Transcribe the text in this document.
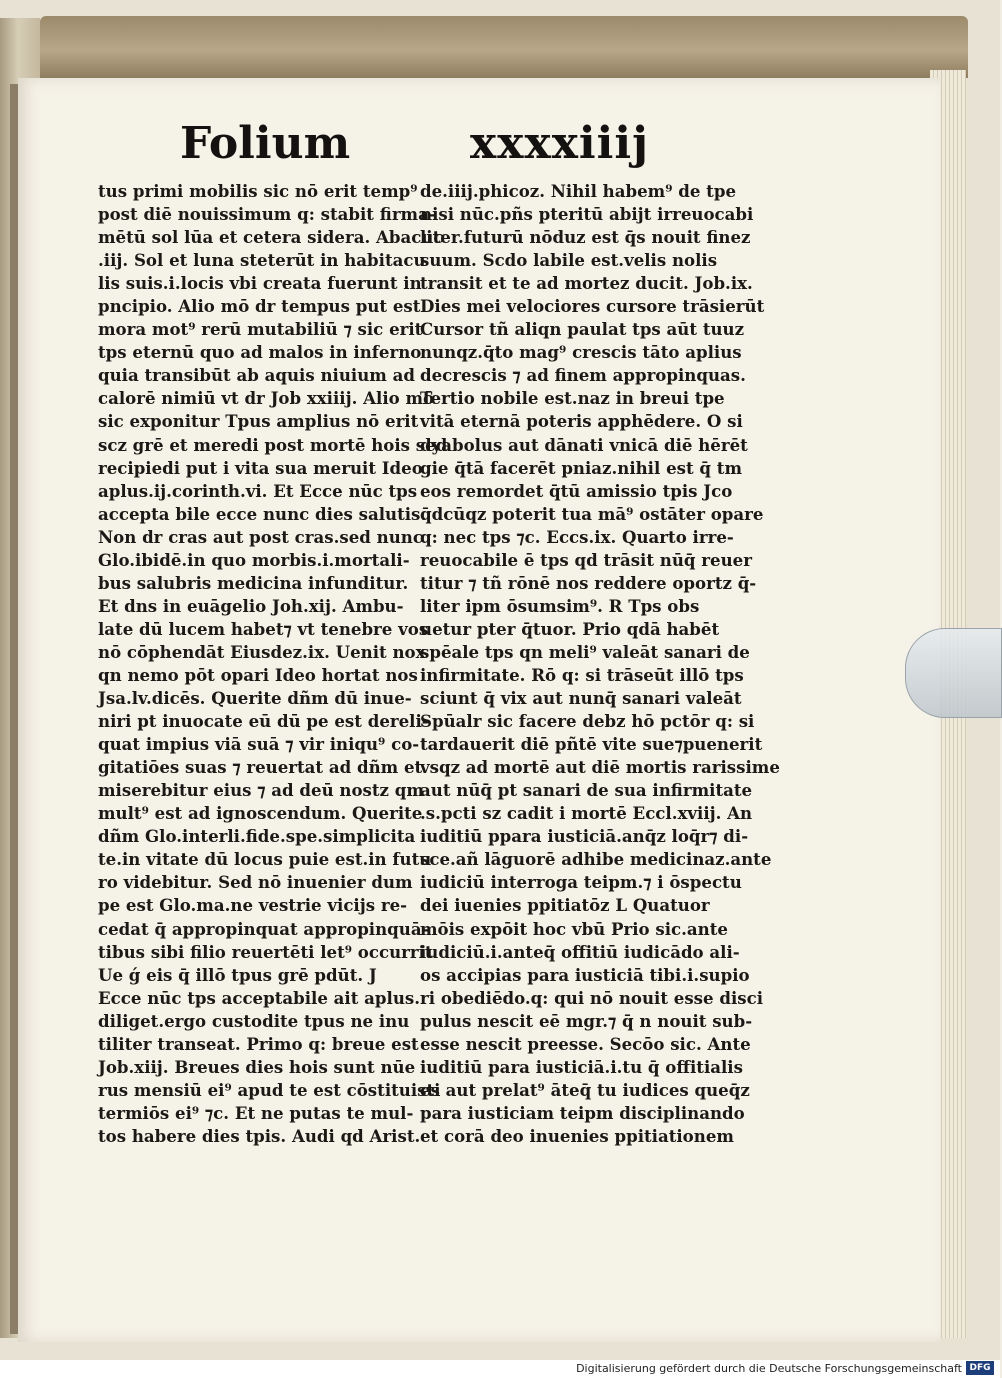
Folium	xxxxiiij
tus primi mobilis sic nō erit temp⁹
post diē nouissimum q: stabit firma-
mētū sol lūa et cetera sidera. Abacuc
.iij. Sol et luna steterūt in habitacu
lis suis.i.locis vbi creata fuerunt in
pncipio. Alio mō dr tempus put est
mora mot⁹ rerū mutabiliū ⁊ sic erit
tps eternū quo ad malos in inferno
quia transibūt ab aquis niuium ad
calorē nimiū vt dr Job xxiiij. Alio mō
sic exponitur Tpus amplius nō erit
scz grē et meredi post mortē hois sed
recipiedi put i vita sua meruit Ideo
aplus.ij.corinth.vi. Et Ecce nūc tps
accepta bile ecce nunc dies salutis.
Non dr cras aut post cras.sed nunc
Glo.ibidē.in quo morbis.i.mortali-
bus salubris medicina infunditur.
Et dns in euāgelio Joh.xij. Ambu-
late dū lucem habet⁊ vt tenebre vos
nō cōphendāt Eiusdez.ix. Uenit nox
qn nemo pōt opari Ideo hortat nos
Jsa.lv.dicēs. Querite dñm dū inue-
niri pt inuocate eū dū pe est dereli-
quat impius viā suā ⁊ vir iniqu⁹ co-
gitatiōes suas ⁊ reuertat ad dñm et
miserebitur eius ⁊ ad deū nostz qm
mult⁹ est ad ignoscendum. Querite
dñm Glo.interli.fide.spe.simplicita
te.in vitate dū locus puie est.in futu
ro videbitur. Sed nō inuenier dum
pe est Glo.ma.ne vestrie vicijs re-
cedat q̄ appropinquat appropinquā-
tibus sibi filio reuertēti let⁹ occurrit
Ue ǵ eis q̄ illō tpus grē pdūt. J
Ecce nūc tps acceptabile ait aplus.
diliget.ergo custodite tpus ne inu
tiliter transeat. Primo q: breue est
Job.xiij. Breues dies hois sunt nūe
rus mensiū ei⁹ apud te est cōstituisti
termiōs ei⁹ ⁊c. Et ne putas te mul-
tos habere dies tpis. Audi qd Arist.
de.iiij.phicoz. Nihil habem⁹ de tpe
nisi nūc.pñs pteritū abijt irreuocabi
liter.futurū nōduz est q̄s nouit finez
suum. Scdo labile est.velis nolis
transit et te ad mortez ducit. Job.ix.
Dies mei velociores cursore trāsierūt
Cursor tñ aliqn paulat tps aūt tuuz
nunqz.q̄to mag⁹ crescis tāto aplius
decrescis ⁊ ad finem appropinquas.
Tertio nobile est.naz in breui tpe
vitā eternā poteris apphēdere. O si
dyabolus aut dānati vnicā diē hērēt
gie q̄tā facerēt pniaz.nihil est q̄ tm
eos remordet q̄tū amissio tpis Jco
q̄dcūqz poterit tua mā⁹ ostāter opare
q: nec tps ⁊c. Eccs.ix. Quarto irre-
reuocabile ē tps qd trāsit nūq̄ reuer
titur ⁊ tñ rōnē nos reddere oportz q̄-
liter ipm ōsumsim⁹. R Tps obs
uetur pter q̄tuor. Prio qdā habēt
spēale tps qn meli⁹ valeāt sanari de
infirmitate. Rō q: si trāseūt illō tps
sciunt q̄ vix aut nunq̄ sanari valeāt
Spūalr sic facere debz hō pctōr q: si
tardauerit diē pñtē vite sue⁊puenerit
vsqz ad mortē aut diē mortis rarissime
aut nūq̄ pt sanari de sua infirmitate
.s.pcti sz cadit i mortē Eccl.xviij. An
iuditiū ppara iusticiā.anq̄z loq̄r⁊ di-
sce.añ lāguorē adhibe medicinaz.ante
iudiciū interroga teipm.⁊ i ōspectu
dei iuenies ppitiatōz L Quatuor
mōis expōit hoc vbū Prio sic.ante
iudiciū.i.anteq̄ offitiū iudicādo ali-
os accipias para iusticiā tibi.i.supio
ri obediēdo.q: qui nō nouit esse disci
pulus nescit eē mgr.⁊ q̄ n nouit sub-
esse nescit preesse. Secōo sic. Ante
iuditiū para iusticiā.i.tu q̄ offitialis
es aut prelat⁹ āteq̄ tu iudices queq̄z
para iusticiam teipm disciplinando
et corā deo inuenies ppitiationem
Digitalisierung gefördert durch die Deutsche Forschungsgemeinschaft DFG
